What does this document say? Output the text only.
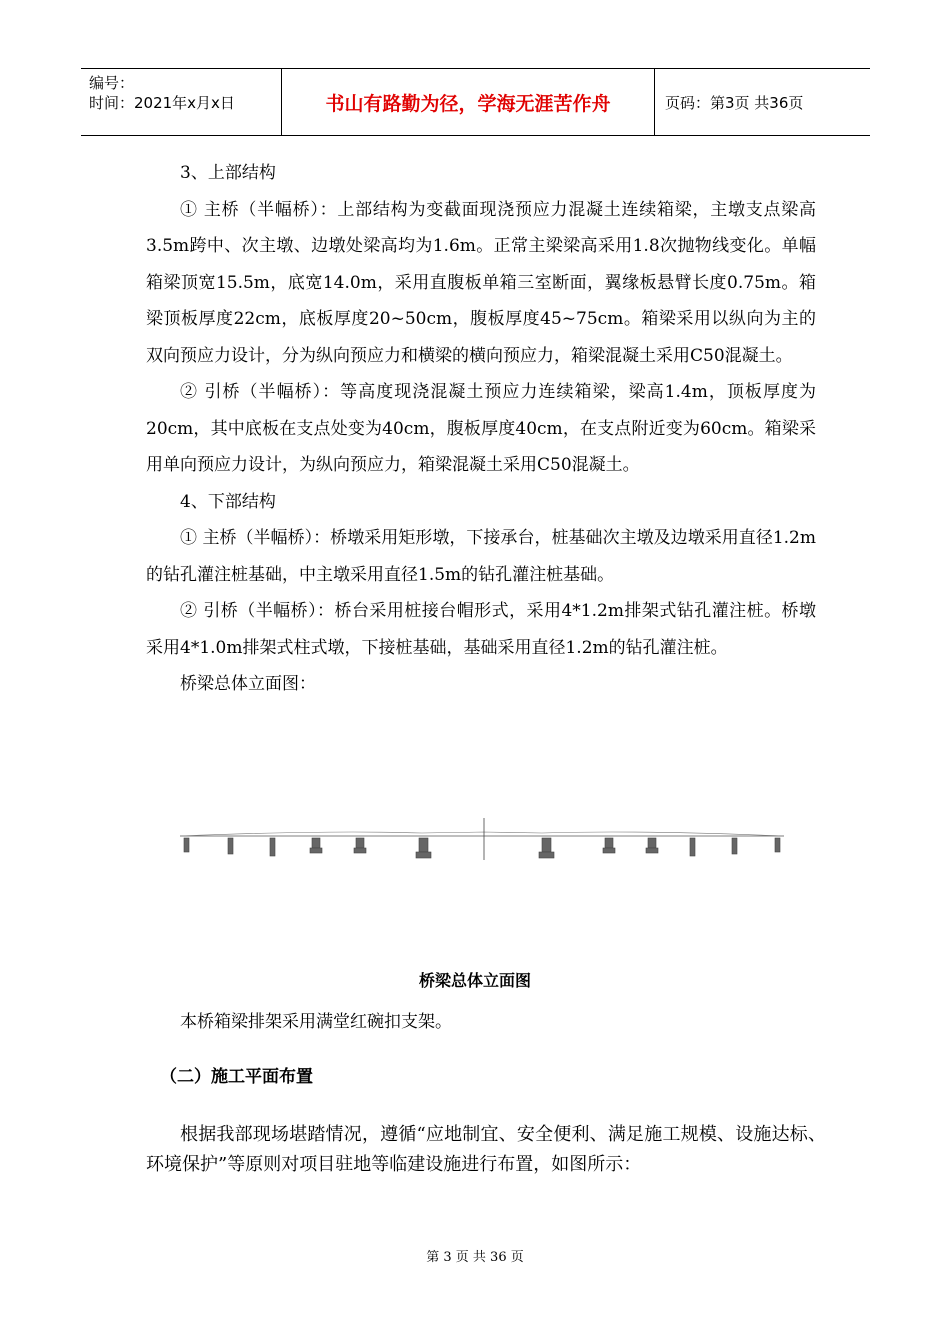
编号：
时间：2021年x月x日	书山有路勤为径，学海无涯苦作舟	页码：第3页 共36页

3、上部结构

① 主桥（半幅桥）：上部结构为变截面现浇预应力混凝土连续箱梁，主墩支点梁高3.5m跨中、次主墩、边墩处梁高均为1.6m。正常主梁梁高采用1.8次抛物线变化。单幅箱梁顶宽15.5m，底宽14.0m，采用直腹板单箱三室断面，翼缘板悬臂长度0.75m。箱梁顶板厚度22cm，底板厚度20~50cm，腹板厚度45~75cm。箱梁采用以纵向为主的双向预应力设计，分为纵向预应力和横梁的横向预应力，箱梁混凝土采用C50混凝土。

② 引桥（半幅桥）：等高度现浇混凝土预应力连续箱梁，梁高1.4m，顶板厚度为20cm，其中底板在支点处变为40cm，腹板厚度40cm，在支点附近变为60cm。箱梁采用单向预应力设计，为纵向预应力，箱梁混凝土采用C50混凝土。

4、下部结构

① 主桥（半幅桥）：桥墩采用矩形墩，下接承台，桩基础次主墩及边墩采用直径1.2m的钻孔灌注桩基础，中主墩采用直径1.5m的钻孔灌注桩基础。

② 引桥（半幅桥）：桥台采用桩接台帽形式，采用4*1.2m排架式钻孔灌注桩。桥墩采用4*1.0m排架式柱式墩，下接桩基础，基础采用直径1.2m的钻孔灌注桩。

桥梁总体立面图：

桥梁总体立面图

本桥箱梁排架采用满堂红碗扣支架。

（二）施工平面布置

根据我部现场堪踏情况，遵循“应地制宜、安全便利、满足施工规模、设施达标、环境保护”等原则对项目驻地等临建设施进行布置，如图所示：

第 3 页 共 36 页
